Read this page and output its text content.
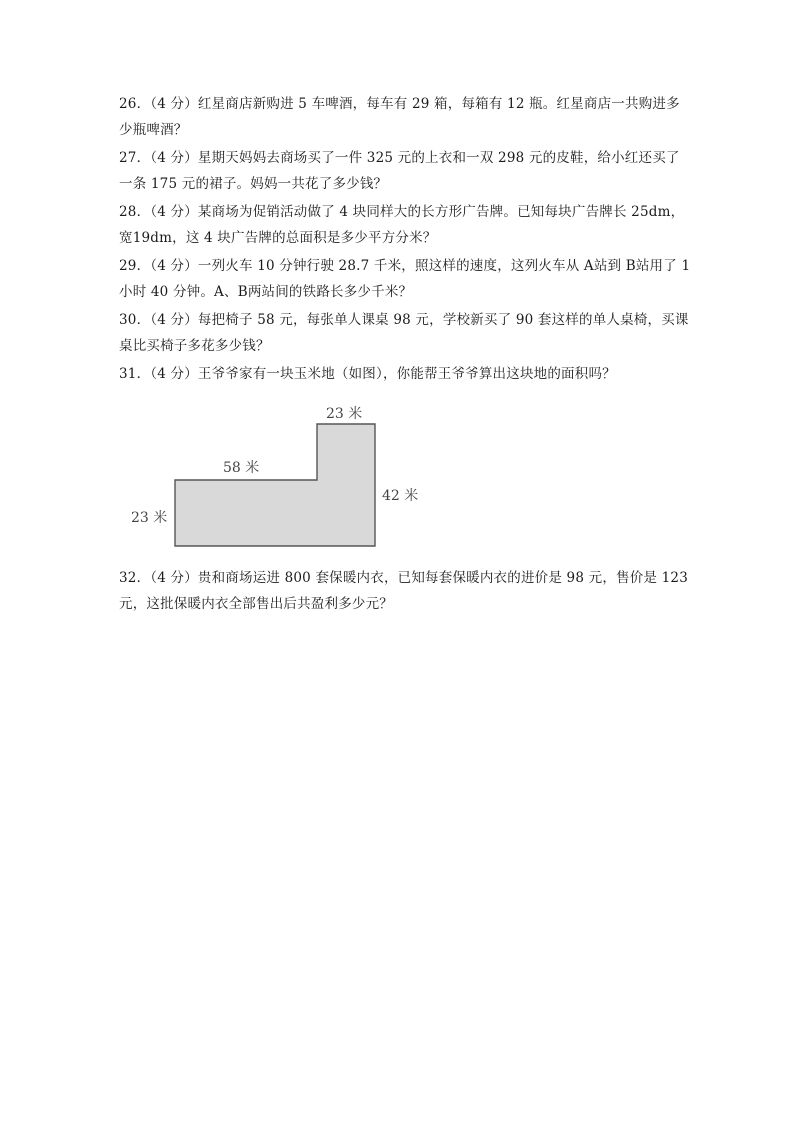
26．（4 分）红星商店新购进 5 车啤酒，每车有 29 箱，每箱有 12 瓶。红星商店一共购进多
少瓶啤酒？
27．（4 分）星期天妈妈去商场买了一件 325 元的上衣和一双 298 元的皮鞋，给小红还买了
一条 175 元的裙子。妈妈一共花了多少钱？
28．（4 分）某商场为促销活动做了 4 块同样大的长方形广告牌。已知每块广告牌长 25dm，
宽19dm，这 4 块广告牌的总面积是多少平方分米？
29．（4 分）一列火车 10 分钟行驶 28.7 千米，照这样的速度，这列火车从 A站到 B站用了 1
小时 40 分钟。A、B两站间的铁路长多少千米？
30．（4 分）每把椅子 58 元，每张单人课桌 98 元，学校新买了 90 套这样的单人桌椅，买课
桌比买椅子多花多少钱？
31．（4 分）王爷爷家有一块玉米地（如图），你能帮王爷爷算出这块地的面积吗？
23 米
58 米
42 米
23 米
32．（4 分）贵和商场运进 800 套保暖内衣，已知每套保暖内衣的进价是 98 元，售价是 123
元，这批保暖内衣全部售出后共盈利多少元？
